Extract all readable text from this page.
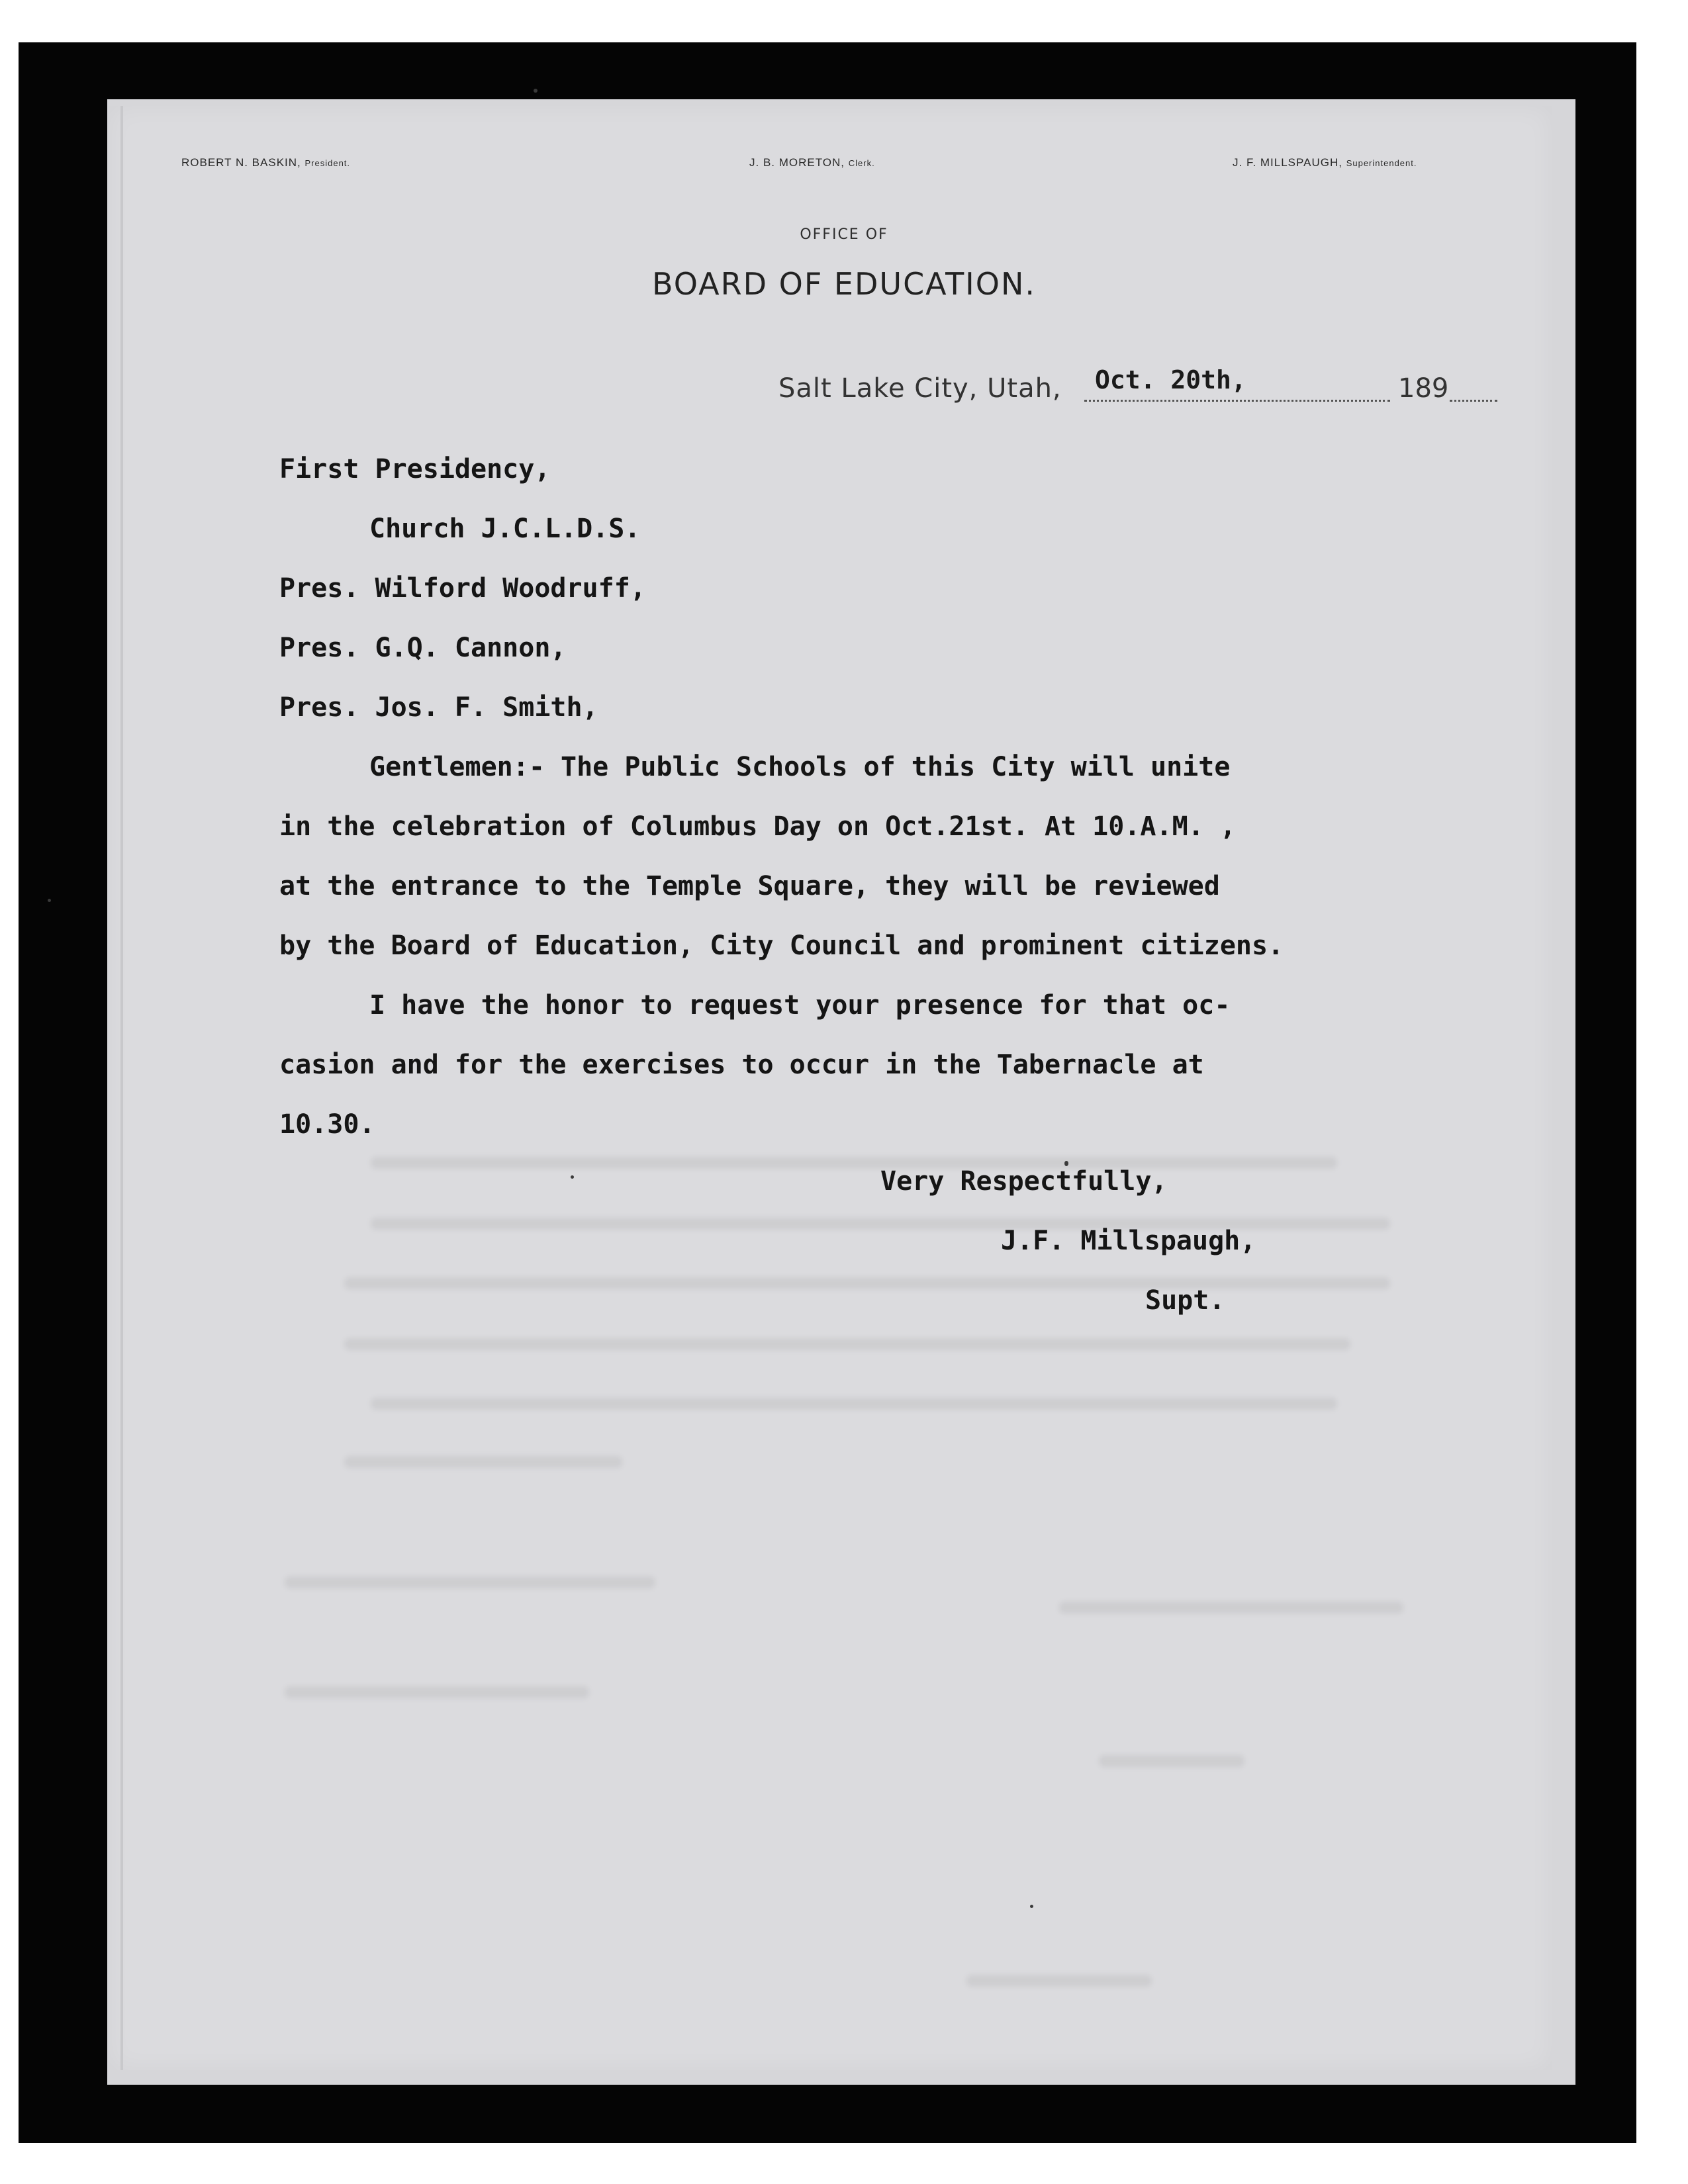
ROBERT N. BASKIN, President.	J. B. MORETON, Clerk.	J. F. MILLSPAUGH, Superintendent.
OFFICE OF
BOARD OF EDUCATION.
Salt Lake City, Utah, Oct. 20th,	189
First Presidency,
Church J.C.L.D.S.
Pres. Wilford Woodruff,
Pres. G.Q. Cannon,
Pres. Jos. F. Smith,
Gentlemen:- The Public Schools of this City will unite
in the celebration of Columbus Day on Oct.21st. At 10.A.M. ,
at the entrance to the Temple Square, they will be reviewed
by the Board of Education, City Council and prominent citizens.
I have the honor to request your presence for that oc-
casion and for the exercises to occur in the Tabernacle at
10.30.
Very Respectfully,
J.F. Millspaugh,
Supt.
